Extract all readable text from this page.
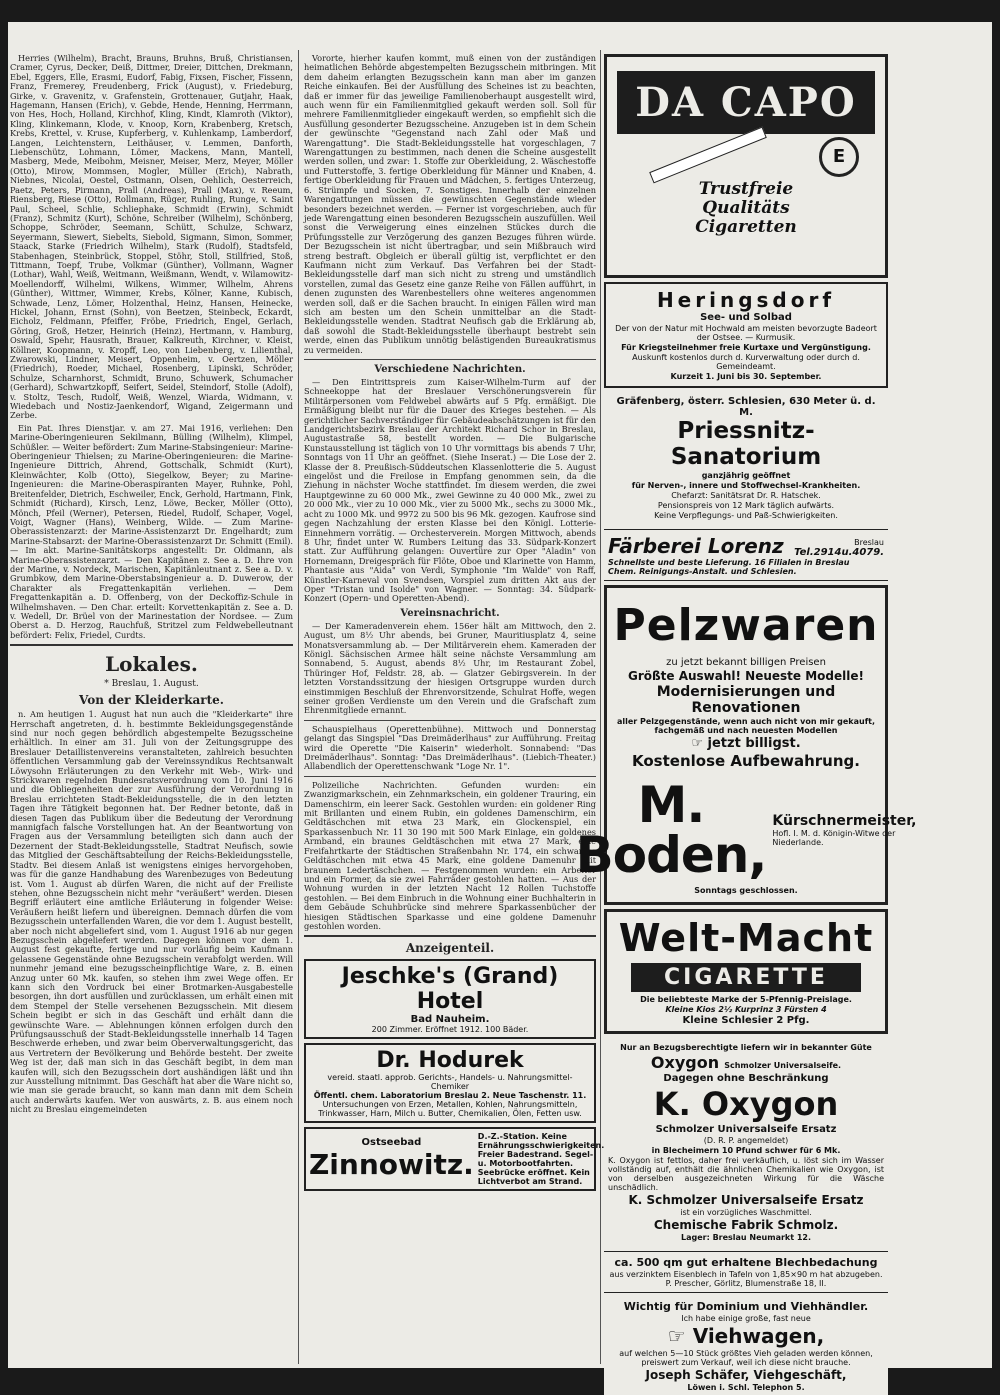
Herries (Wilhelm), Bracht, Brauns, Bruhns, Bruß, Christiansen, Cramer, Cyrus, Decker, Deiß, Dittmer, Dreier, Dittchen, Drekmann, Ebel, Eggers, Elle, Erasmi, Eudorf, Fabig, Fixsen, Fischer, Fissenn, Franz, Fremerey, Freudenberg, Frick (August), v. Friedeburg, Girke, v. Gravenitz, v. Grafenstein, Grottenauer, Gutjahr, Haak, Hagemann, Hansen (Erich), v. Gebde, Hende, Henning, Herrmann, von Hes, Hoch, Holland, Kirchhof, Kling, Kindt, Klamroth (Viktor), Kling, Klinkemann, Klode, v. Knoop, Korn, Krabenberg, Kretsch, Krebs, Krettel, v. Kruse, Kupferberg, v. Kuhlenkamp, Lamberdorf, Langen, Leichtenstern, Leithäuser, v. Lemmen, Danforth, Liebenschütz, Lohmann, Lömer, Mackens, Mann, Mantell, Masberg, Mede, Meibohm, Meisner, Meiser, Merz, Meyer, Möller (Otto), Mirow, Mommsen, Mogler, Müller (Erich), Nabrath, Niebnes, Nicolai, Oestel, Ostmann, Olsen, Oehlich, Oesterreich, Paetz, Peters, Pirmann, Prall (Andreas), Prall (Max), v. Reeum, Riensberg, Riese (Otto), Rollmann, Rüger, Ruhling, Runge, v. Saint Paul, Scheel, Schlie, Schliephake, Schmidt (Erwin), Schmidt (Franz), Schmitz (Kurt), Schöne, Schreiber (Wilhelm), Schönberg, Schoppe, Schröder, Seemann, Schütt, Schulze, Schwarz, Seyermann, Siewert, Siebelts, Siebold, Sigmann, Simon, Sommer, Staack, Starke (Friedrich Wilhelm), Stark (Rudolf), Stadtsfeld, Stabenhagen, Steinbrück, Stoppel, Stöhr, Stoll, Stillfried, Stoß, Tittmann, Toepf, Trube, Volkmar (Günther), Vollmann, Wagner (Lothar), Wahl, Weiß, Weitmann, Weißmann, Wendt, v. Wilamowitz-Moellendorff, Wilhelmi, Wilkens, Wimmer, Wilhelm, Ahrens (Günther), Wittmer, Wimmer, Krebs, Kölner, Kanne, Kubisch, Schwade, Lenz, Lömer, Holzenthal, Heinz, Hansen, Heinecke, Hickel, Johann, Ernst (Sohn), von Beetzen, Steinbeck, Eckardt, Eicholz, Feldmann, Pfeiffer, Fröbe, Friedrich, Engel, Gerlach, Göring, Groß, Hetzer, Heinrich (Heinz), Hertmann, v. Hamburg, Oswald, Spehr, Hausrath, Brauer, Kalkreuth, Kirchner, v. Kleist, Köllner, Koopmann, v. Kropff, Leo, von Liebenberg, v. Lilienthal, Zwarowski, Lindner, Meisert, Oppenheim, v. Oertzen, Möller (Friedrich), Roeder, Michael, Rosenberg, Lipinski, Schröder, Schulze, Scharnhorst, Schmidt, Bruno, Schuwerk, Schumacher (Gerhard), Schwartzkopff, Seifert, Seidel, Steindorf, Stolle (Adolf), v. Stoltz, Tesch, Rudolf, Weiß, Wenzel, Wiarda, Widmann, v. Wiedebach und Nostiz-Jaenkendorf, Wigand, Zeigermann und Zerbe.

Ein Pat. Ihres Dienstjar. v. am 27. Mai 1916, verliehen: Den Marine-Oberingenieuren Sekilmann, Bülling (Wilhelm), Klimpel, Schüßler. — Weiter befördert: Zum Marine-Stabsingenieur: Marine-Oberingenieur Thielsen; zu Marine-Oberingenieuren: die Marine-Ingenieure Dittrich, Ahrend, Gottschalk, Schmidt (Kurt), Kleinwächter, Kolb (Otto), Siegelkow, Beyer; zu Marine-Ingenieuren: die Marine-Oberaspiranten Mayer, Ruhnke, Pohl, Breitenfelder, Dietrich, Eschweiler, Enck, Gerhold, Hartmann, Fink, Schmidt (Richard), Kirsch, Lenz, Löwe, Becker, Möller (Otto), Mönch, Pfeil (Werner), Petersen, Riedel, Rudolf, Schaper, Vogel, Voigt, Wagner (Hans), Weinberg, Wilde. — Zum Marine-Oberassistenzarzt: der Marine-Assistenzarzt Dr. Engelhardt; zum Marine-Stabsarzt: der Marine-Oberassistenzarzt Dr. Schmitt (Emil). — Im akt. Marine-Sanitätskorps angestellt: Dr. Oldmann, als Marine-Oberassistenzarzt. — Den Kapitänen z. See a. D. Ihre von der Marine, v. Nordeck, Marischen, Kapitänleutnant z. See a. D. v. Grumbkow, dem Marine-Oberstabsingenieur a. D. Duwerow, der Charakter als Fregattenkapitän verliehen. — Dem Fregattenkapitän a. D. Offenberg, von der Deckoffiz-Schule in Wilhelmshaven. — Den Char. erteilt: Korvettenkapitän z. See a. D. v. Wedell, Dr. Brüel von der Marinestation der Nordsee. — Zum Oberst a. D. Herzog, Rauchfuß, Stritzel zum Feldwebelleutnant befördert: Felix, Friedel, Curdts.

Lokales.
* Breslau, 1. August.
Von der Kleiderkarte.

n. Am heutigen 1. August hat nun auch die "Kleiderkarte" ihre Herrschaft angetreten, d. h. bestimmte Bekleidungsgegenstände sind nur noch gegen behördlich abgestempelte Bezugsscheine erhältlich. In einer am 31. Juli von der Zeitungsgruppe des Breslauer Detaillistenvereins veranstalteten, zahlreich besuchten öffentlichen Versammlung gab der Vereinssyndikus Rechtsanwalt Löwysohn Erläuterungen zu den Verkehr mit Web-, Wirk- und Strickwaren regelnden Bundesratsverordnung vom 10. Juni 1916 und die Obliegenheiten der zur Ausführung der Verordnung in Breslau errichteten Stadt-Bekleidungsstelle, die in den letzten Tagen ihre Tätigkeit begonnen hat. Der Redner betonte, daß in diesen Tagen das Publikum über die Bedeutung der Verordnung mannigfach falsche Vorstellungen hat. An der Beantwortung von Fragen aus der Versammlung beteiligten sich dann auch der Dezernent der Stadt-Bekleidungsstelle, Stadtrat Neufisch, sowie das Mitglied der Geschäftsabteilung der Reichs-Bekleidungsstelle, Stadtv. Bei diesem Anlaß ist wenigstens einiges hervorgehoben, was für die ganze Handhabung des Warenbezuges von Bedeutung ist. Vom 1. August ab dürfen Waren, die nicht auf der Freiliste stehen, ohne Bezugsschein nicht mehr "veräußert" werden. Diesen Begriff erläutert eine amtliche Erläuterung in folgender Weise: Veräußern heißt liefern und übereignen. Demnach dürfen die vom Bezugsschein unterfallenden Waren, die vor dem 1. August bestellt, aber noch nicht abgeliefert sind, vom 1. August 1916 ab nur gegen Bezugsschein abgeliefert werden. Dagegen können vor dem 1. August fest gekaufte, fertige und nur vorläufig beim Kaufmann gelassene Gegenstände ohne Bezugsschein verabfolgt werden. Will nunmehr jemand eine bezugsscheinpflichtige Ware, z. B. einen Anzug unter 60 Mk. kaufen, so stehen ihm zwei Wege offen. Er kann sich den Vordruck bei einer Brotmarken-Ausgabestelle besorgen, ihn dort ausfüllen und zurücklassen, um erhält einen mit dem Stempel der Stelle versehenen Bezugsschein. Mit diesem Schein begibt er sich in das Geschäft und erhält dann die gewünschte Ware. — Ablehnungen können erfolgen durch den Prüfungsausschuß der Stadt-Bekleidungsstelle innerhalb 14 Tagen Beschwerde erheben, und zwar beim Oberverwaltungsgericht, das aus Vertretern der Bevölkerung und Behörde besteht. Der zweite Weg ist der, daß man sich in das Geschäft begibt, in dem man kaufen will, sich den Bezugsschein dort aushändigen läßt und ihn zur Ausstellung mitnimmt. Das Geschäft hat aber die Ware nicht so, wie man sie gerade braucht, so kann man dann mit dem Schein auch anderwärts kaufen. Wer von auswärts, z. B. aus einem noch nicht zu Breslau eingemeindeten

Vororte, hierher kaufen kommt, muß einen von der zuständigen heimatlichen Behörde abgestempelten Bezugsschein mitbringen. Mit dem daheim erlangten Bezugsschein kann man aber im ganzen Reiche einkaufen. Bei der Ausfüllung des Scheines ist zu beachten, daß er immer für das jeweilige Familienoberhaupt ausgestellt wird, auch wenn für ein Familienmitglied gekauft werden soll. Soll für mehrere Familienmitglieder eingekauft werden, so empfiehlt sich die Ausfüllung gesonderter Bezugsscheine. Anzugeben ist in dem Schein der gewünschte "Gegenstand nach Zahl oder Maß und Warengattung". Die Stadt-Bekleidungsstelle hat vorgeschlagen, 7 Warengattungen zu bestimmen, nach denen die Scheine ausgestellt werden sollen, und zwar: 1. Stoffe zur Oberkleidung, 2. Wäschestoffe und Futterstoffe, 3. fertige Oberkleidung für Männer und Knaben, 4. fertige Oberkleidung für Frauen und Mädchen, 5. fertiges Unterzeug, 6. Strümpfe und Socken, 7. Sonstiges. Innerhalb der einzelnen Warengattungen müssen die gewünschten Gegenstände wieder besonders bezeichnet werden. — Ferner ist vorgeschrieben, auch für jede Warengattung einen besonderen Bezugsschein auszufüllen. Weil sonst die Verweigerung eines einzelnen Stückes durch die Prüfungsstelle zur Verzögerung des ganzen Bezuges führen würde. Der Bezugsschein ist nicht übertragbar, und sein Mißbrauch wird streng bestraft. Obgleich er überall gültig ist, verpflichtet er den Kaufmann nicht zum Verkauf. Das Verfahren bei der Stadt-Bekleidungsstelle darf man sich nicht zu streng und umständlich vorstellen, zumal das Gesetz eine ganze Reihe von Fällen aufführt, in denen zugunsten des Warenbestellers ohne weiteres angenommen werden soll, daß er die Sachen braucht. In einigen Fällen wird man sich am besten um den Schein unmittelbar an die Stadt-Bekleidungsstelle wenden. Stadtrat Neufisch gab die Erklärung ab, daß sowohl die Stadt-Bekleidungsstelle überhaupt bestrebt sein werde, einen das Publikum unnötig belästigenden Bureaukratismus zu vermeiden.

Verschiedene Nachrichten.

— Den Eintrittspreis zum Kaiser-Wilhelm-Turm auf der Schneekoppe hat der Breslauer Verschönerungsverein für Militärpersonen vom Feldwebel abwärts auf 5 Pfg. ermäßigt. Die Ermäßigung bleibt nur für die Dauer des Krieges bestehen. — Als gerichtlicher Sachverständiger für Gebäudeabschätzungen ist für den Landgerichtsbezirk Breslau der Architekt Richard Schor in Breslau, Augustastraße 58, bestellt worden. — Die Bulgarische Kunstausstellung ist täglich von 10 Uhr vormittags bis abends 7 Uhr, Sonntags von 11 Uhr an geöffnet. (Siehe Inserat.) — Die Lose der 2. Klasse der 8. Preußisch-Süddeutschen Klassenlotterie die 5. August eingelöst und die Freilose in Empfang genommen sein, da die Ziehung in nächster Woche stattfindet. Im diesem werden, die zwei Hauptgewinne zu 60 000 Mk., zwei Gewinne zu 40 000 Mk., zwei zu 20 000 Mk., vier zu 10 000 Mk., vier zu 5000 Mk., sechs zu 3000 Mk., acht zu 1000 Mk. und 9972 zu 500 bis 96 Mk. gezogen. Kaufrose sind gegen Nachzahlung der ersten Klasse bei den Königl. Lotterie-Einnehmern vorrätig. — Orchesterverein. Morgen Mittwoch, abends 8 Uhr, findet unter W. Rumbers Leitung das 33. Südpark-Konzert statt. Zur Aufführung gelangen: Ouvertüre zur Oper "Aladin" von Hornemann, Dreigespräch für Flöte, Oboe und Klarinette von Hamm, Phantasie aus "Aida" von Verdi, Symphonie "Im Walde" von Raff, Künstler-Karneval von Svendsen, Vorspiel zum dritten Akt aus der Oper "Tristan und Isolde" von Wagner. — Sonntag: 34. Südpark-Konzert (Opern- und Operetten-Abend).

Vereinsnachricht.

— Der Kameradenverein ehem. 156er hält am Mittwoch, den 2. August, um 8½ Uhr abends, bei Gruner, Mauritiusplatz 4, seine Monatsversammlung ab. — Der Militärverein ehem. Kameraden der Königl. Sächsischen Armee hält seine nächste Versammlung am Sonnabend, 5. August, abends 8½ Uhr, im Restaurant Zobel, Thüringer Hof, Feldstr. 28, ab. — Glatzer Gebirgsverein. In der letzten Vorstandssitzung der hiesigen Ortsgruppe wurden durch einstimmigen Beschluß der Ehrenvorsitzende, Schulrat Hoffe, wegen seiner großen Verdienste um den Verein und die Grafschaft zum Ehrenmitgliede ernannt.

Schauspielhaus (Operettenbühne). Mittwoch und Donnerstag gelangt das Singspiel "Das Dreimäderlhaus" zur Aufführung. Freitag wird die Operette "Die Kaiserin" wiederholt. Sonnabend: "Das Dreimäderlhaus". Sonntag: "Das Dreimäderlhaus". (Liebich-Theater.) Allabendlich der Operettenschwank "Loge Nr. 1".

Polizeiliche Nachrichten. Gefunden wurden: ein Zwanzigmarkschein, ein Zehnmarkschein, ein goldener Trauring, ein Damenschirm, ein leerer Sack. Gestohlen wurden: ein goldener Ring mit Brillanten und einem Rubin, ein goldenes Damenschirm, ein Geldtäschchen mit etwa 23 Mark, ein Glockenspiel, ein Sparkassenbuch Nr. 11 30 190 mit 500 Mark Einlage, ein goldenes Armband, ein braunes Geldtäschchen mit etwa 27 Mark, eine Freifahrtkarte der Städtischen Straßenbahn Nr. 174, ein schwarzes Geldtäschchen mit etwa 45 Mark, eine goldene Damenuhr mit braunem Ledertäschchen. — Festgenommen wurden: ein Arbeiter und ein Former, da sie zwei Fahrräder gestohlen hatten. — Aus der Wohnung wurden in der letzten Nacht 12 Rollen Tuchstoffe gestohlen. — Bei dem Einbruch in die Wohnung einer Buchhalterin in dem Gebäude Schuhbrücke sind mehrere Sparkassenbücher der hiesigen Städtischen Sparkasse und eine goldene Damenuhr gestohlen worden.

Anzeigenteil.
Jeschke's (Grand) Hotel
Bad Nauheim.
200 Zimmer. Eröffnet 1912. 100 Bäder.
Dr. Hodurek
vereid. staatl. approb. Gerichts-, Handels- u. Nahrungsmittel-Chemiker
Öffentl. chem. Laboratorium Breslau 2. Neue Taschenstr. 11.
Untersuchungen von Erzen, Metallen, Kohlen, Nahrungsmitteln, Trinkwasser, Harn, Milch u. Butter, Chemikalien, Ölen, Fetten usw.
Ostseebad
Zinnowitz.
D.-Z.-Station. Keine Ernährungsschwierigkeiten. Freier Badestrand. Segel- u. Motorbootfahrten. Seebrücke eröffnet. Kein Lichtverbot am Strand.
DA CAPO
E
Trustfreie
Qualitäts
Cigaretten
Heringsdorf
See- und Solbad

Der von der Natur mit Hochwald am meisten bevorzugte Badeort der Ostsee. — Kurmusik.

Für Kriegsteilnehmer freie Kurtaxe und Vergünstigung.

Auskunft kostenlos durch d. Kurverwaltung oder durch d. Gemeindeamt.

Kurzeit 1. Juni bis 30. September.

Gräfenberg, österr. Schlesien, 630 Meter ü. d. M.
Priessnitz-Sanatorium

ganzjährig geöffnet

für Nerven-, innere und Stoffwechsel-Krankheiten.

Chefarzt: Sanitätsrat Dr. R. Hatschek.

Pensionspreis von 12 Mark täglich aufwärts.

Keine Verpflegungs- und Paß-Schwierigkeiten.

Färberei Lorenz	Breslau
Tel.2914u.4079.
Schnellste und beste Lieferung. 16 Filialen in Breslau
Chem. Reinigungs-Anstalt. und Schlesien.
Pelzwaren

zu jetzt bekannt billigen Preisen

Größte Auswahl! Neueste Modelle!

Modernisierungen und Renovationen

aller Pelzgegenstände, wenn auch nicht von mir gekauft, fachgemäß und nach neuesten Modellen

☞ jetzt billigst.

Kostenlose Aufbewahrung.

M. Boden,
Kürschnermeister,
Hofl. I. M. d. Königin-Witwe der Niederlande.

Sonntags geschlossen.

Welt-Macht
CIGARETTE

Die beliebteste Marke der 5-Pfennig-Preislage.

Kleine Kios 2½ Kurprinz 3 Fürsten 4

Kleine Schlesier 2 Pfg.

Nur an Bezugsberechtigte liefern wir in bekannter Güte

Oxygon Schmolzer Universalseife.

Dagegen ohne Beschränkung

K. Oxygon

Schmolzer Universalseife Ersatz

(D. R. P. angemeldet)

in Blecheimern 10 Pfund schwer für 6 Mk.

K. Oxygon ist fettlos, daher frei verkäuflich, u. löst sich im Wasser vollständig auf, enthält die ähnlichen Chemikalien wie Oxygon, ist von derselben ausgezeichneten Wirkung für die Wäsche unschädlich.

K. Schmolzer Universalseife Ersatz

ist ein vorzügliches Waschmittel.

Chemische Fabrik Schmolz.

Lager: Breslau Neumarkt 12.

ca. 500 qm gut erhaltene Blechbedachung

aus verzinktem Eisenblech in Tafeln von 1,85×90 m hat abzugeben. P. Prescher, Görlitz, Blumenstraße 18, II.

Wichtig für Dominium und Viehhändler.

Ich habe einige große, fast neue

☞ Viehwagen,

auf welchen 5—10 Stück größtes Vieh geladen werden können, preiswert zum Verkauf, weil ich diese nicht brauche.

Joseph Schäfer, Viehgeschäft,

Löwen i. Schl. Telephon 5.
